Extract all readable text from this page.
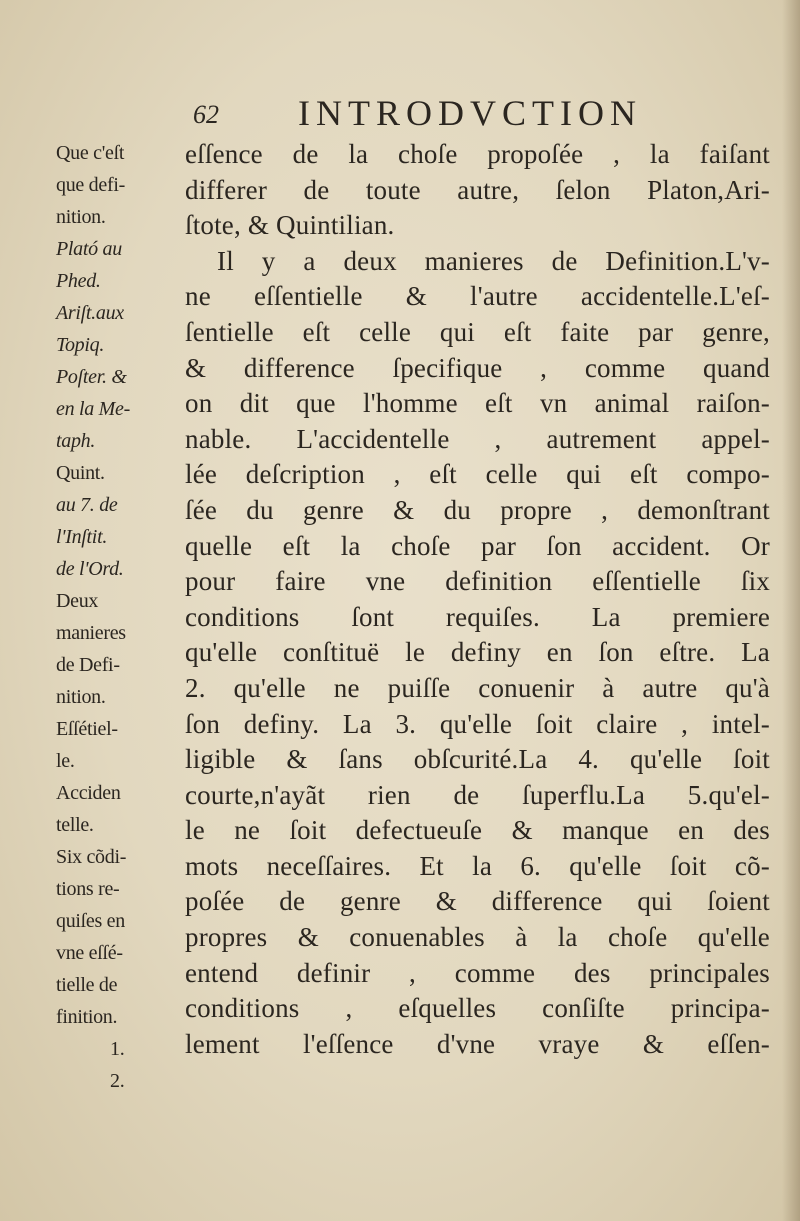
62 INTRODVCTION
Que c'eſt
que defi-
nition.
Plató au
Phed.
Ariſt.aux
Topiq.
Poſter. &
en la Me-
taph.
Quint.
au 7. de
l'Inſtit.
de l'Ord.
Deux
manieres
de Defi-
nition.
Eſſétiel-
le.
Acciden
telle.
Six cõdi-
tions re-
quiſes en
vne eſſé-
tielle de
finition.
1.
2.
eſſence de la choſe propoſée , la faiſant
differer de toute autre, ſelon Platon,Ari-
ſtote, & Quintilian.
Il y a deux manieres de Definition.L'v-
ne eſſentielle & l'autre accidentelle.L'eſ-
ſentielle eſt celle qui eſt faite par genre,
& difference ſpecifique , comme quand
on dit que l'homme eſt vn animal raiſon-
nable. L'accidentelle , autrement appel-
lée deſcription , eſt celle qui eſt compo-
ſée du genre & du propre , demonſtrant
quelle eſt la choſe par ſon accident. Or
pour faire vne definition eſſentielle ſix
conditions ſont requiſes. La premiere
qu'elle conſtituë le definy en ſon eſtre. La
2. qu'elle ne puiſſe conuenir à autre qu'à
ſon definy. La 3. qu'elle ſoit claire , intel-
ligible & ſans obſcurité.La 4. qu'elle ſoit
courte,n'ayãt rien de ſuperflu.La 5.qu'el-
le ne ſoit defectueuſe & manque en des
mots neceſſaires. Et la 6. qu'elle ſoit cõ-
poſée de genre & difference qui ſoient
propres & conuenables à la choſe qu'elle
entend definir , comme des principales
conditions , eſquelles conſiſte principa-
lement l'eſſence d'vne vraye & eſſen-
